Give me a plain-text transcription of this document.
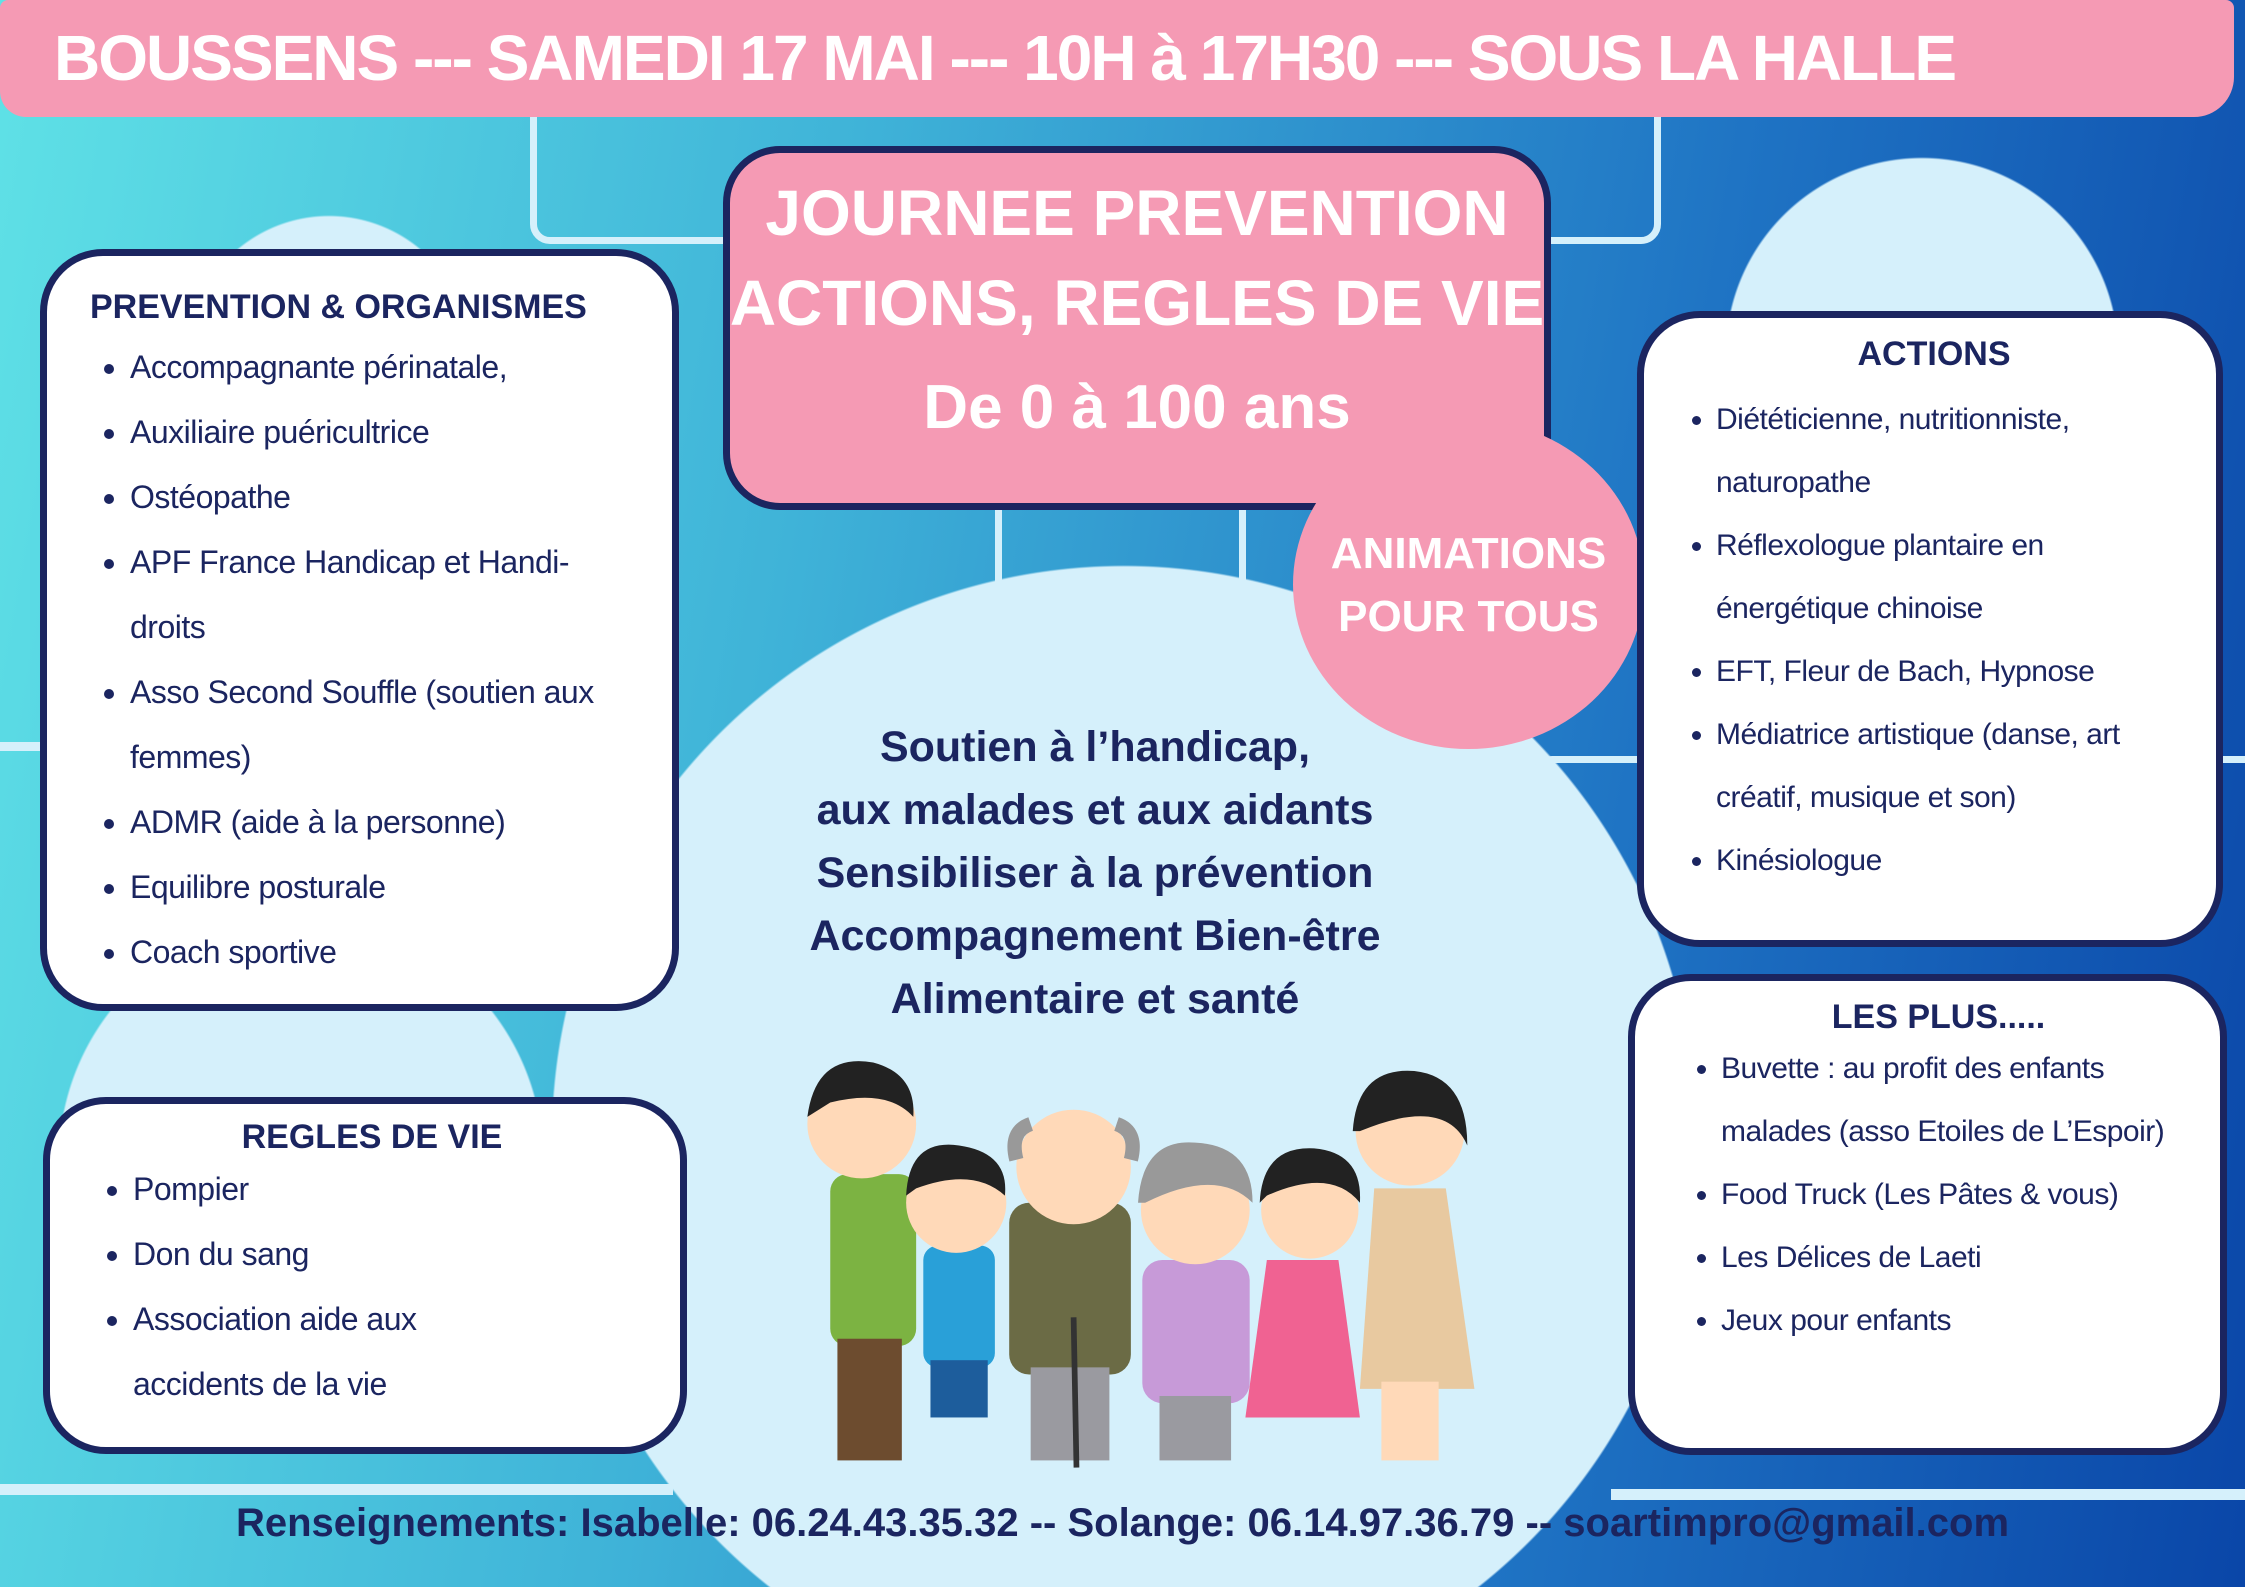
BOUSSENS --- SAMEDI 17 MAI --- 10H à 17H30 --- SOUS LA HALLE
ANIMATIONS
POUR TOUS
JOURNEE PREVENTION
ACTIONS, REGLES DE VIE
De 0 à 100 ans
PREVENTION & ORGANISMES
• Accompagnante périnatale,
• Auxiliaire puéricultrice
• Ostéopathe
• APF France Handicap et Handi-droits
• Asso Second Souffle (soutien aux femmes)
• ADMR (aide à la personne)
• Equilibre posturale
• Coach sportive
REGLES DE VIE
• Pompier
• Don du sang
• Association aide aux accidents de la vie
ACTIONS
• Diététicienne, nutritionniste, naturopathe
• Réflexologue plantaire en énergétique chinoise
• EFT, Fleur de Bach, Hypnose
• Médiatrice artistique (danse, art créatif, musique et son)
• Kinésiologue
LES PLUS.....
• Buvette : au profit des enfants malades (asso Etoiles de L’Espoir)
• Food Truck (Les Pâtes & vous)
• Les Délices de Laeti
• Jeux pour enfants
Soutien à l’handicap,
aux malades et aux aidants
Sensibiliser à la prévention
Accompagnement Bien-être
Alimentaire et santé
Renseignements: Isabelle: 06.24.43.35.32 -- Solange: 06.14.97.36.79 -- soartimpro@gmail.com
